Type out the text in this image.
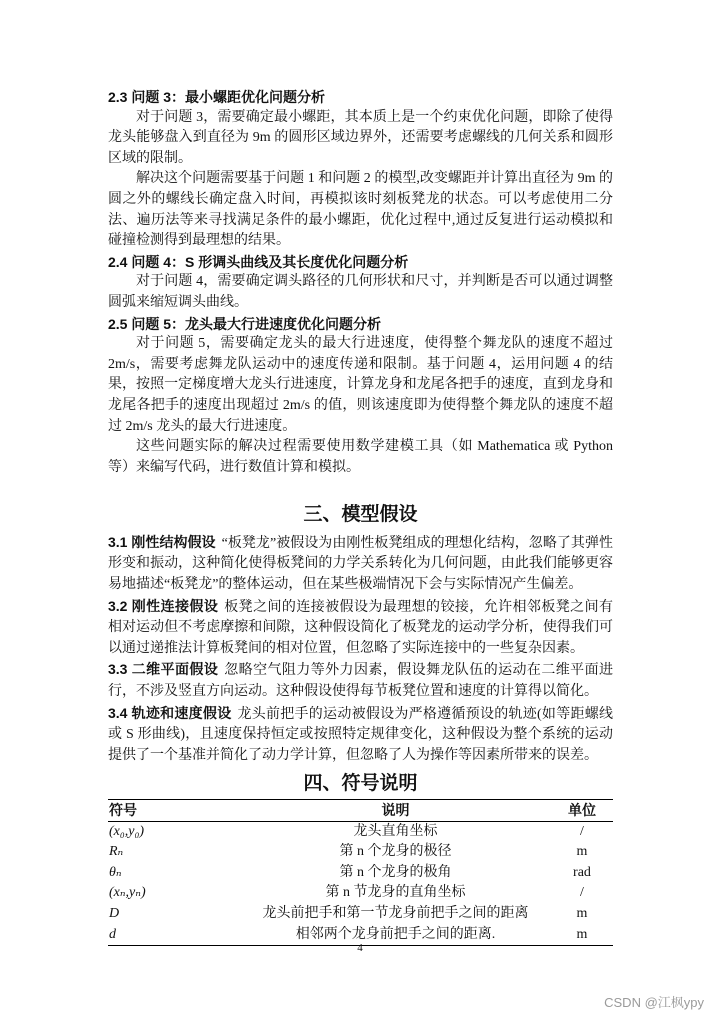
2.3 问题 3：最小螺距优化问题分析
对于问题 3，需要确定最小螺距，其本质上是一个约束优化问题，即除了使得龙头能够盘入到直径为 9m 的圆形区域边界外，还需要考虑螺线的几何关系和圆形区域的限制。
解决这个问题需要基于问题 1 和问题 2 的模型,改变螺距并计算出直径为 9m 的圆之外的螺线长确定盘入时间，再模拟该时刻板凳龙的状态。可以考虑使用二分法、遍历法等来寻找满足条件的最小螺距，优化过程中,通过反复进行运动模拟和碰撞检测得到最理想的结果。
2.4 问题 4：S 形调头曲线及其长度优化问题分析
对于问题 4，需要确定调头路径的几何形状和尺寸，并判断是否可以通过调整圆弧来缩短调头曲线。
2.5 问题 5：龙头最大行进速度优化问题分析
对于问题 5，需要确定龙头的最大行进速度，使得整个舞龙队的速度不超过 2m/s，需要考虑舞龙队运动中的速度传递和限制。基于问题 4，运用问题 4 的结果，按照一定梯度增大龙头行进速度，计算龙身和龙尾各把手的速度，直到龙身和龙尾各把手的速度出现超过 2m/s 的值，则该速度即为使得整个舞龙队的速度不超过 2m/s 龙头的最大行进速度。
这些问题实际的解决过程需要使用数学建模工具（如 Mathematica 或 Python 等）来编写代码，进行数值计算和模拟。
三、模型假设
3.1 刚性结构假设 “板凳龙”被假设为由刚性板凳组成的理想化结构，忽略了其弹性形变和振动，这种简化使得板凳间的力学关系转化为几何问题，由此我们能够更容易地描述“板凳龙”的整体运动，但在某些极端情况下会与实际情况产生偏差。
3.2 刚性连接假设 板凳之间的连接被假设为最理想的铰接，允许相邻板凳之间有相对运动但不考虑摩擦和间隙，这种假设简化了板凳龙的运动学分析，使得我们可以通过递推法计算板凳间的相对位置，但忽略了实际连接中的一些复杂因素。
3.3 二维平面假设 忽略空气阻力等外力因素，假设舞龙队伍的运动在二维平面进行，不涉及竖直方向运动。这种假设使得每节板凳位置和速度的计算得以简化。
3.4 轨迹和速度假设 龙头前把手的运动被假设为严格遵循预设的轨迹(如等距螺线或 S 形曲线)，且速度保持恒定或按照特定规律变化，这种假设为整个系统的运动提供了一个基准并简化了动力学计算，但忽略了人为操作等因素所带来的误差。
四、符号说明
符号	说明	单位
(x₀,y₀)	龙头直角坐标	/
Rₙ	第 n 个龙身的极径	m
θₙ	第 n 个龙身的极角	rad
(xₙ,yₙ)	第 n 节龙身的直角坐标	/
D	龙头前把手和第一节龙身前把手之间的距离	m
d	相邻两个龙身前把手之间的距离.	m
4
CSDN @江枫ypy
